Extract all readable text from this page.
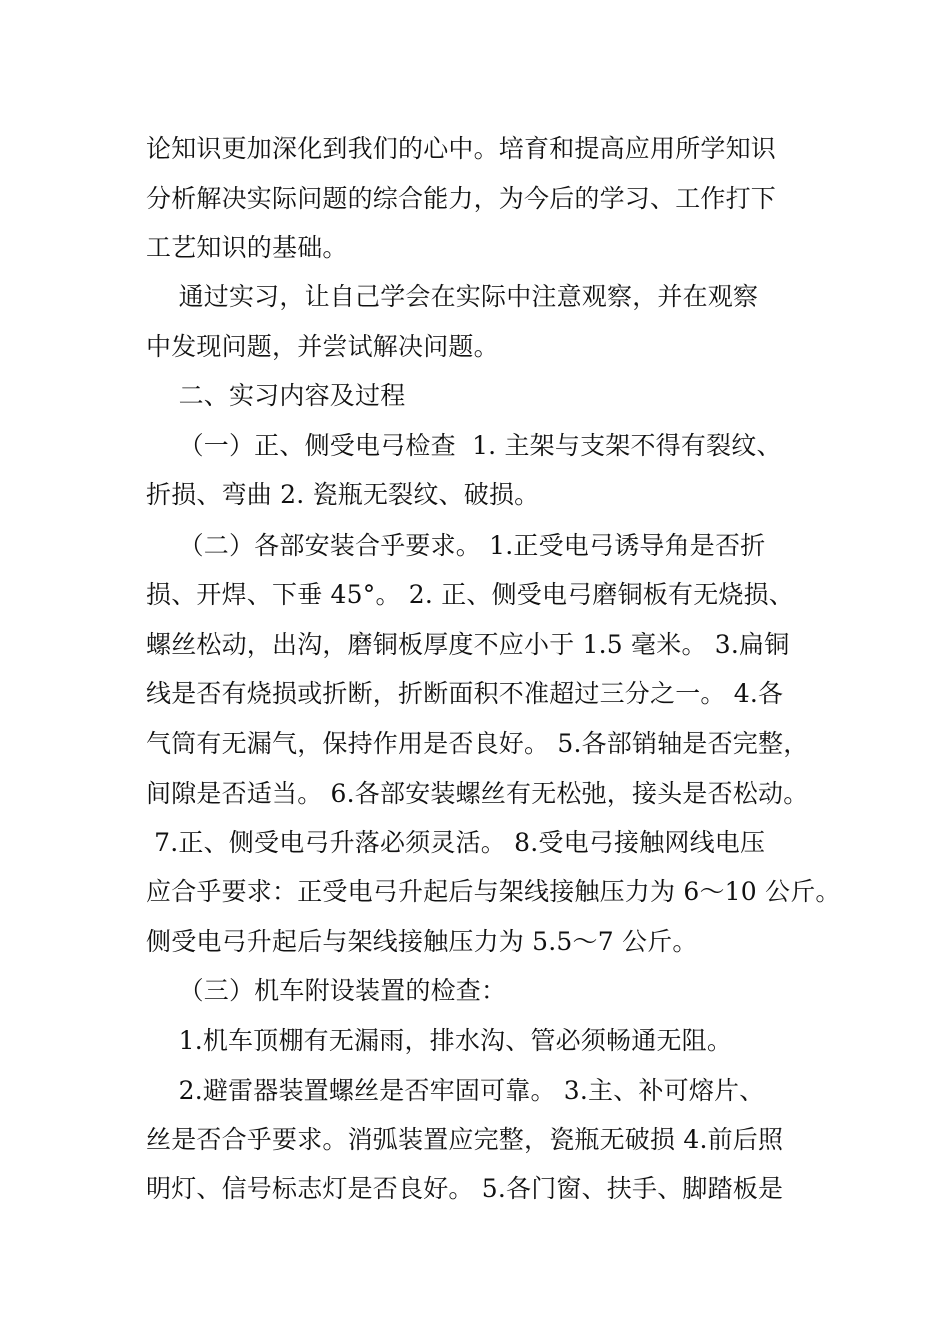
论知识更加深化到我们的心中。培育和提高应用所学知识
分析解决实际问题的综合能力，为今后的学习、工作打下
工艺知识的基础。
通过实习，让自己学会在实际中注意观察，并在观察
中发现问题，并尝试解决问题。
二、实习内容及过程
（一）正、侧受电弓检查  1. 主架与支架不得有裂纹、
折损、弯曲 2. 瓷瓶无裂纹、破损。
（二）各部安装合乎要求。 1.正受电弓诱导角是否折
损、开焊、下垂 45°。 2. 正、侧受电弓磨铜板有无烧损、
螺丝松动，出沟，磨铜板厚度不应小于 1.5 毫米。 3.扁铜
线是否有烧损或折断，折断面积不准超过三分之一。 4.各
气筒有无漏气，保持作用是否良好。 5.各部销轴是否完整，
间隙是否适当。 6.各部安装螺丝有无松弛，接头是否松动。
7.正、侧受电弓升落必须灵活。 8.受电弓接触网线电压
应合乎要求：正受电弓升起后与架线接触压力为 6～10 公斤。
侧受电弓升起后与架线接触压力为 5.5～7 公斤。
（三）机车附设装置的检查：
1.机车顶棚有无漏雨，排水沟、管必须畅通无阻。
2.避雷器装置螺丝是否牢固可靠。 3.主、补可熔片、
丝是否合乎要求。消弧装置应完整，瓷瓶无破损 4.前后照
明灯、信号标志灯是否良好。 5.各门窗、扶手、脚踏板是
